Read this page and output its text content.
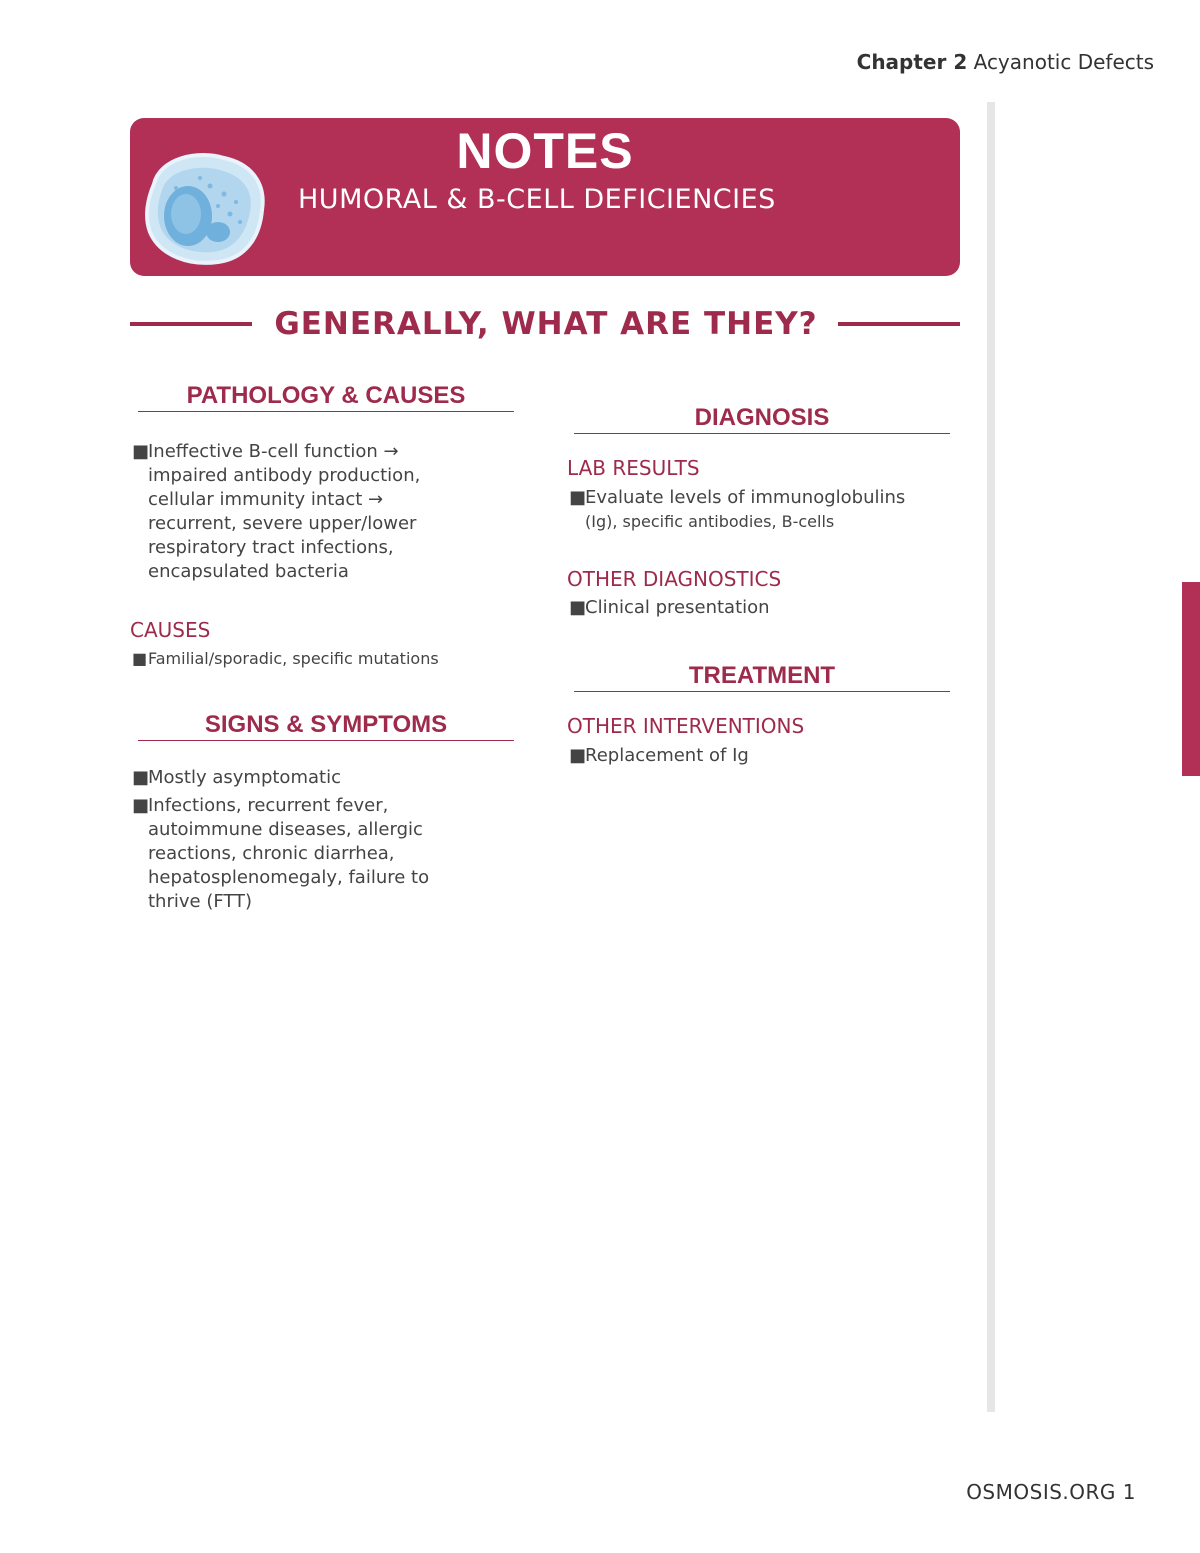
Chapter 2 Acyanotic Defects
NOTES
HUMORAL & B-CELL DEFICIENCIES
GENERALLY, WHAT ARE THEY?
PATHOLOGY & CAUSES
■
Ineffective B-cell function →
impaired antibody production,
cellular immunity intact →
recurrent, severe upper/lower
respiratory tract infections,
encapsulated bacteria
CAUSES
■ Familial/sporadic, specific mutations
SIGNS & SYMPTOMS
■
Mostly asymptomatic
■
Infections, recurrent fever,
autoimmune diseases, allergic
reactions, chronic diarrhea,
hepatosplenomegaly, failure to
thrive (FTT)
DIAGNOSIS
LAB RESULTS
■
Evaluate levels of immunoglobulins
(Ig), specific antibodies, B-cells
OTHER DIAGNOSTICS
■
Clinical presentation
TREATMENT
OTHER INTERVENTIONS
■
Replacement of Ig
OSMOSIS.ORG 1
